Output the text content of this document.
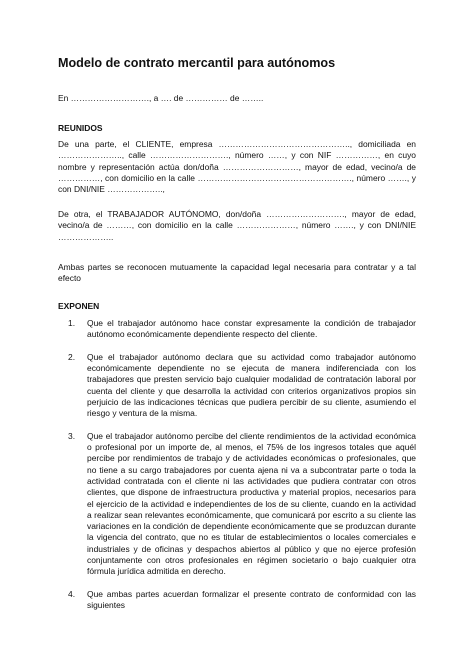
Modelo de contrato mercantil para autónomos
En ………………………., a …. de …………… de ……..
REUNIDOS
De una parte, el CLIENTE, empresa ……………………………………….., domiciliada en ………………….., calle ………………………., número ……, y con NIF ……………, en cuyo nombre y representación actúa don/doña ………………………, mayor de edad, vecino/a de ……………, con domicilio en la calle ………………………………………………., número ……., y con DNI/NIE ………………..,
De otra, el TRABAJADOR AUTÓNOMO, don/doña ………………………., mayor de edad, vecino/a de ………, con domicilio en la calle …………………, número ……., y con DNI/NIE ………………..
Ambas partes se reconocen mutuamente la capacidad legal necesaria para contratar y a tal efecto
EXPONEN
1. Que el trabajador autónomo hace constar expresamente la condición de trabajador autónomo económicamente dependiente respecto del cliente.
2. Que el trabajador autónomo declara que su actividad como trabajador autónomo económicamente dependiente no se ejecuta de manera indiferenciada con los trabajadores que presten servicio bajo cualquier modalidad de contratación laboral por cuenta del cliente y que desarrolla la actividad con criterios organizativos propios sin perjuicio de las indicaciones técnicas que pudiera percibir de su cliente, asumiendo el riesgo y ventura de la misma.
3. Que el trabajador autónomo percibe del cliente rendimientos de la actividad económica o profesional por un importe de, al menos, el 75% de los ingresos totales que aquél percibe por rendimientos de trabajo y de actividades económicas o profesionales, que no tiene a su cargo trabajadores por cuenta ajena ni va a subcontratar parte o toda la actividad contratada con el cliente ni las actividades que pudiera contratar con otros clientes, que dispone de infraestructura productiva y material propios, necesarios para el ejercicio de la actividad e independientes de los de su cliente, cuando en la actividad a realizar sean relevantes económicamente, que comunicará por escrito a su cliente las variaciones en la condición de dependiente económicamente que se produzcan durante la vigencia del contrato, que no es titular de establecimientos o locales comerciales e industriales y de oficinas y despachos abiertos al público y que no ejerce profesión conjuntamente con otros profesionales en régimen societario o bajo cualquier otra fórmula jurídica admitida en derecho.
4. Que ambas partes acuerdan formalizar el presente contrato de conformidad con las siguientes
